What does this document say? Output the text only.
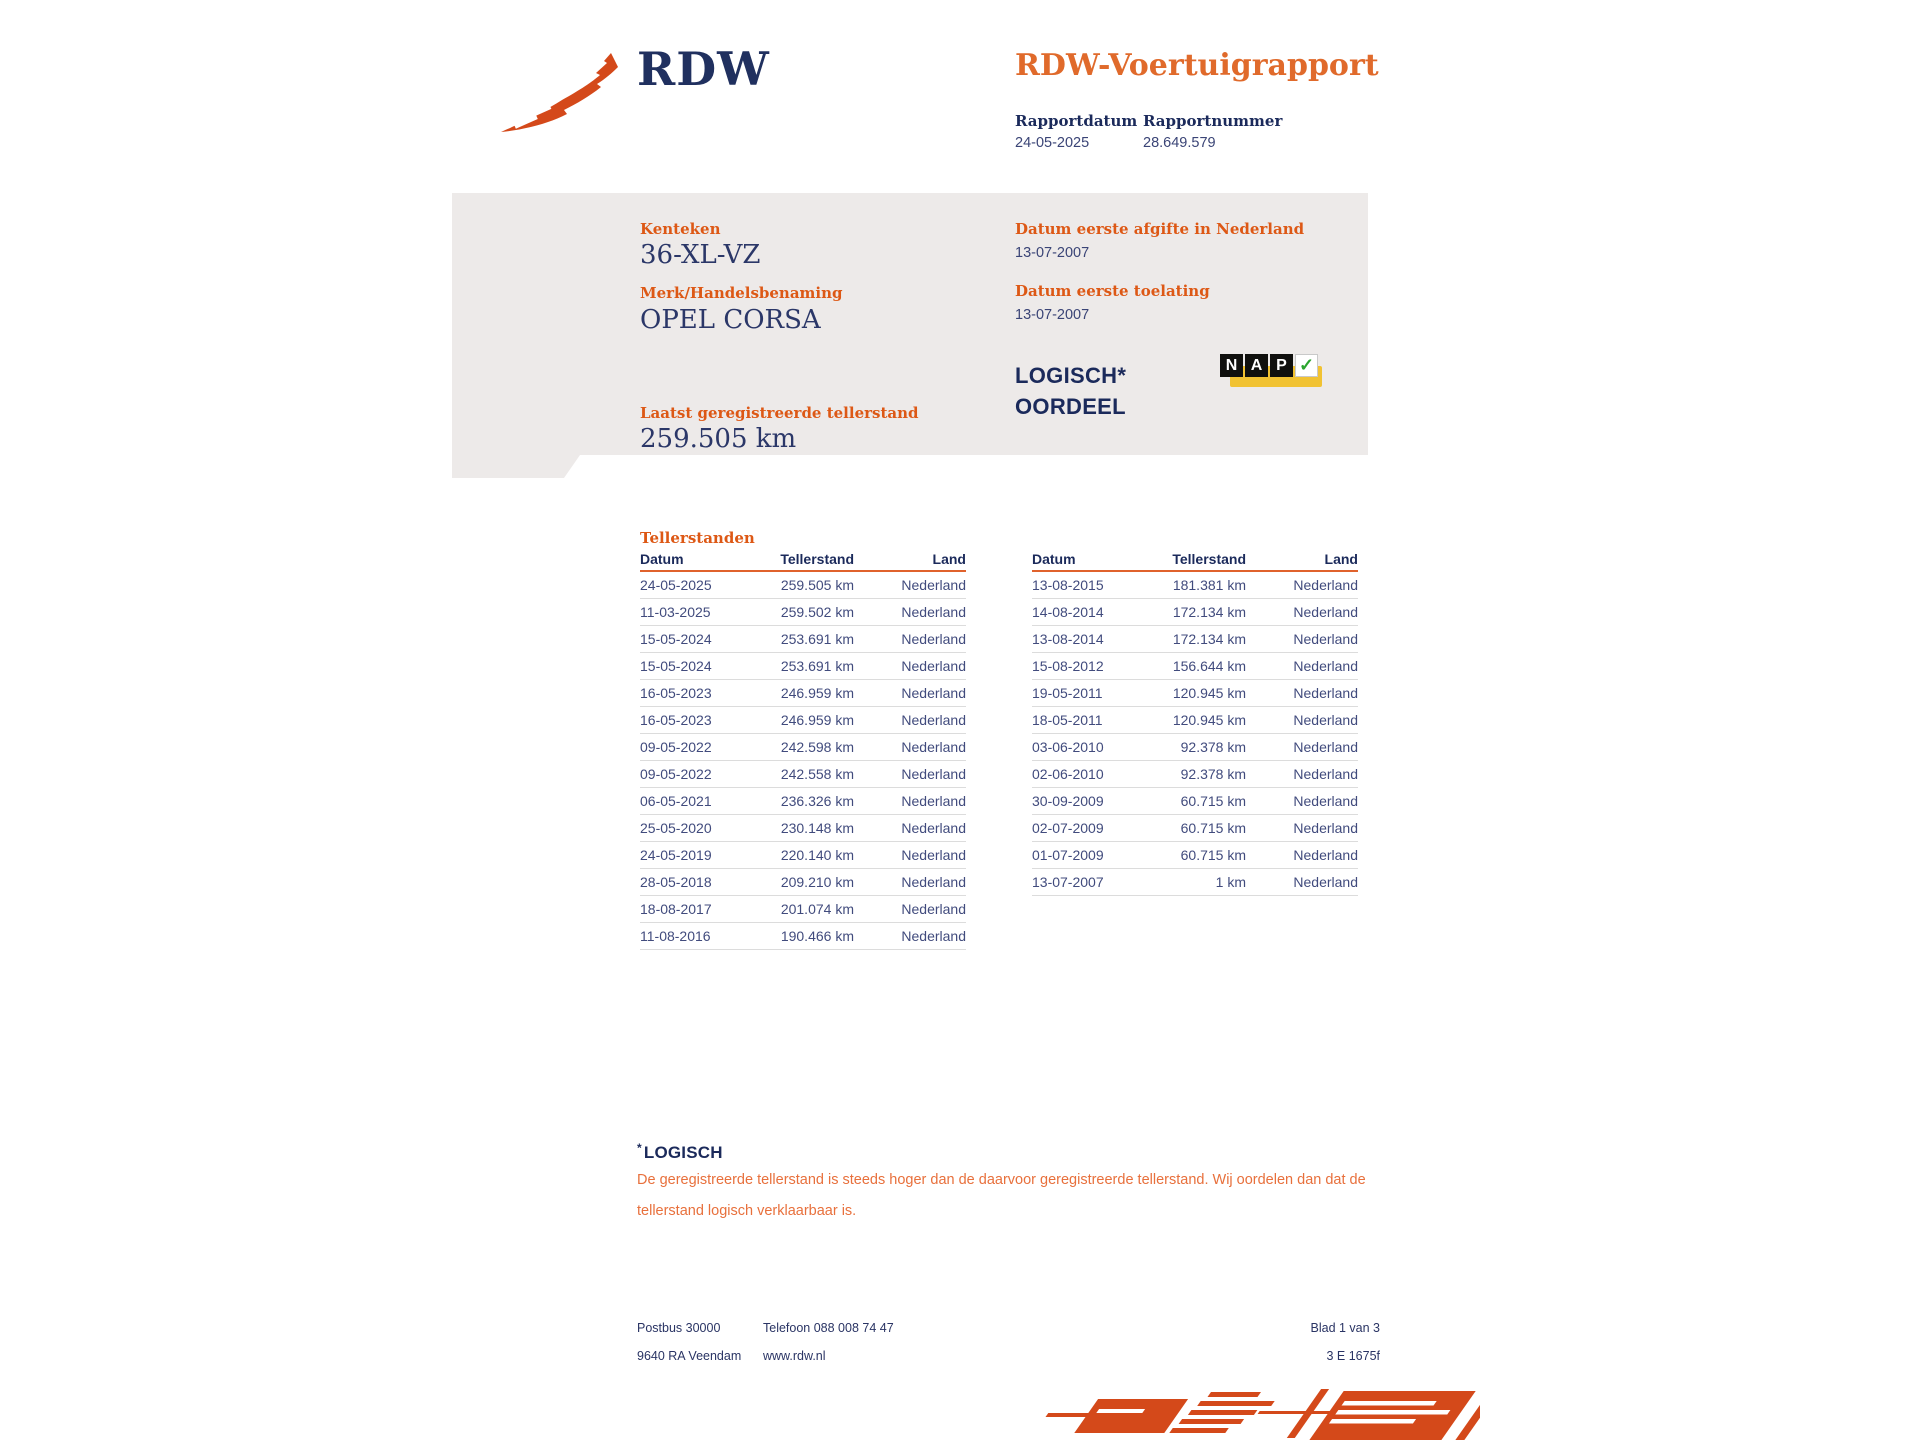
RDW	RDW-Voertuigrapport
Rapportdatum
24-05-2025
Rapportnummer
28.649.579
Kenteken
36-XL-VZ
Merk/Handelsbenaming
OPEL CORSA
Laatst geregistreerde tellerstand
259.505 km
Datum eerste afgifte in Nederland
13-07-2007
Datum eerste toelating
13-07-2007
LOGISCH*
OORDEEL
N A P ✓
Tellerstanden
Datum	Tellerstand	Land
24-05-2025	259.505 km	Nederland
11-03-2025	259.502 km	Nederland
15-05-2024	253.691 km	Nederland
15-05-2024	253.691 km	Nederland
16-05-2023	246.959 km	Nederland
16-05-2023	246.959 km	Nederland
09-05-2022	242.598 km	Nederland
09-05-2022	242.558 km	Nederland
06-05-2021	236.326 km	Nederland
25-05-2020	230.148 km	Nederland
24-05-2019	220.140 km	Nederland
28-05-2018	209.210 km	Nederland
18-08-2017	201.074 km	Nederland
11-08-2016	190.466 km	Nederland
Datum	Tellerstand	Land
13-08-2015	181.381 km	Nederland
14-08-2014	172.134 km	Nederland
13-08-2014	172.134 km	Nederland
15-08-2012	156.644 km	Nederland
19-05-2011	120.945 km	Nederland
18-05-2011	120.945 km	Nederland
03-06-2010	92.378 km	Nederland
02-06-2010	92.378 km	Nederland
30-09-2009	60.715 km	Nederland
02-07-2009	60.715 km	Nederland
01-07-2009	60.715 km	Nederland
13-07-2007	1 km	Nederland
* LOGISCH
De geregistreerde tellerstand is steeds hoger dan de daarvoor geregistreerde tellerstand. Wij oordelen dan dat de tellerstand logisch verklaarbaar is.
Postbus 30000
9640 RA Veendam
Telefoon 088 008 74 47
www.rdw.nl
Blad 1 van 3
3 E 1675f
